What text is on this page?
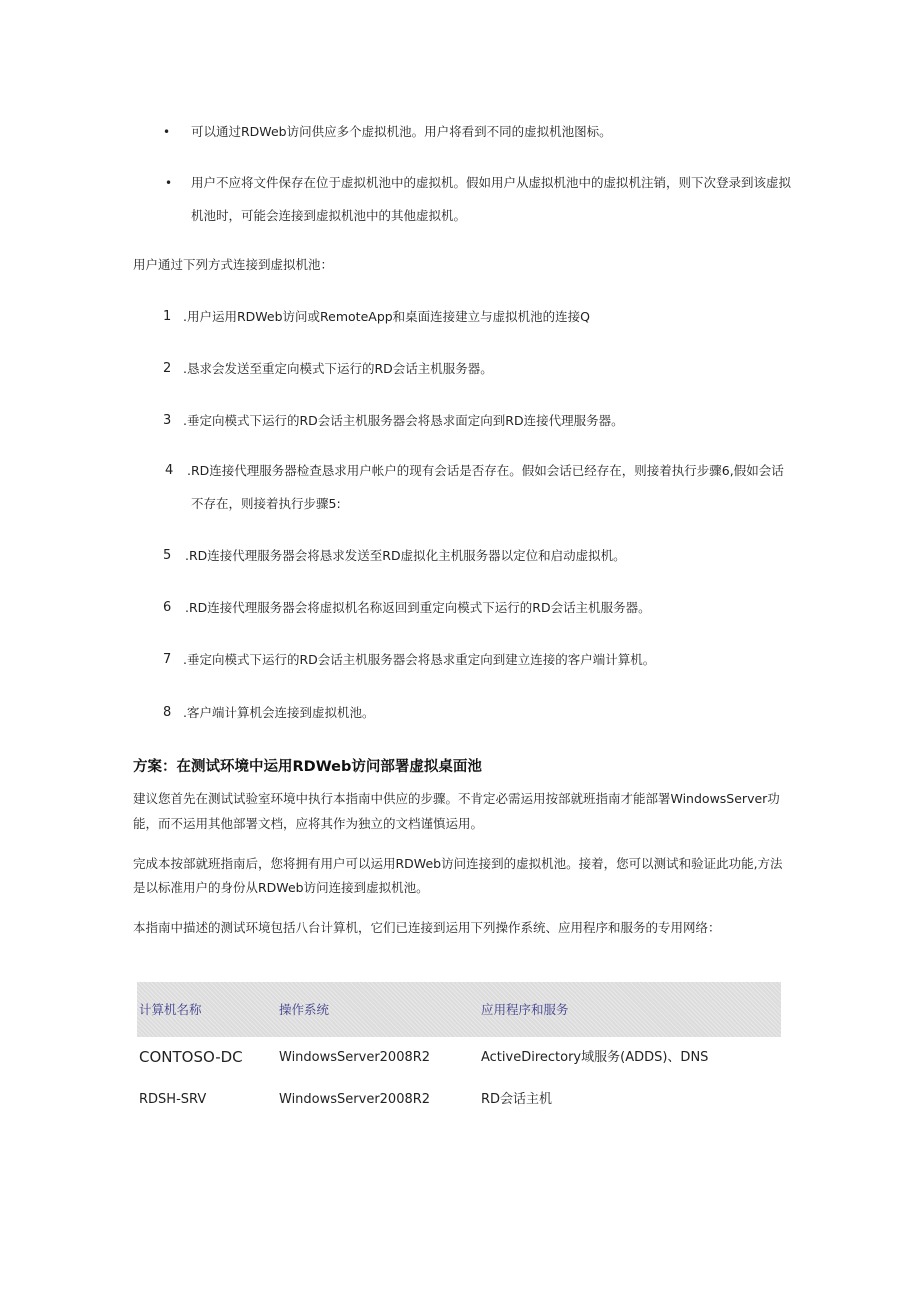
• 可以通过RDWeb访问供应多个虚拟机池。用户将看到不同的虚拟机池图标。
• 用户不应将文件保存在位于虚拟机池中的虚拟机。假如用户从虚拟机池中的虚拟机注销，则下次登录到该虚拟
机池时，可能会连接到虚拟机池中的其他虚拟机。
用户通过下列方式连接到虚拟机池：
1 .用户运用RDWeb访问或RemoteApp和桌面连接建立与虚拟机池的连接Q
2 .恳求会发送至重定向模式下运行的RD会话主机服务器。
3 .垂定向模式下运行的RD会话主机服务器会将恳求面定向到RD连接代理服务器。
4 .RD连接代理服务器检查恳求用户帐户的现有会话是否存在。假如会话已经存在，则接着执行步骤6,假如会话
不存在，则接着执行步骤5:
5 .RD连接代理服务器会将恳求发送至RD虚拟化主机服务器以定位和启动虚拟机。
6 .RD连接代理服务器会将虚拟机名称返回到重定向模式下运行的RD会话主机服务器。
7 .垂定向模式下运行的RD会话主机服务器会将恳求重定向到建立连接的客户端计算机。
8 .客户端计算机会连接到虚拟机池。
方案：在测试环境中运用RDWeb访问部署虚拟桌面池
建议您首先在测试试验室环境中执行本指南中供应的步骤。不肯定必需运用按部就班指南才能部署WindowsServer功
能，而不运用其他部署文档，应将其作为独立的文档谨慎运用。
完成本按部就班指南后，您将拥有用户可以运用RDWeb访问连接到的虚拟机池。接着，您可以测试和验证此功能,方法
是以标准用户的身份从RDWeb访问连接到虚拟机池。
本指南中描述的测试环境包括八台计算机，它们已连接到运用下列操作系统、应用程序和服务的专用网络：
计算机名称	操作系统	应用程序和服务
CONTOSO-DC	WindowsServer2008R2	ActiveDirectory域服务(ADDS)、DNS
RDSH-SRV	WindowsServer2008R2	RD会话主机
